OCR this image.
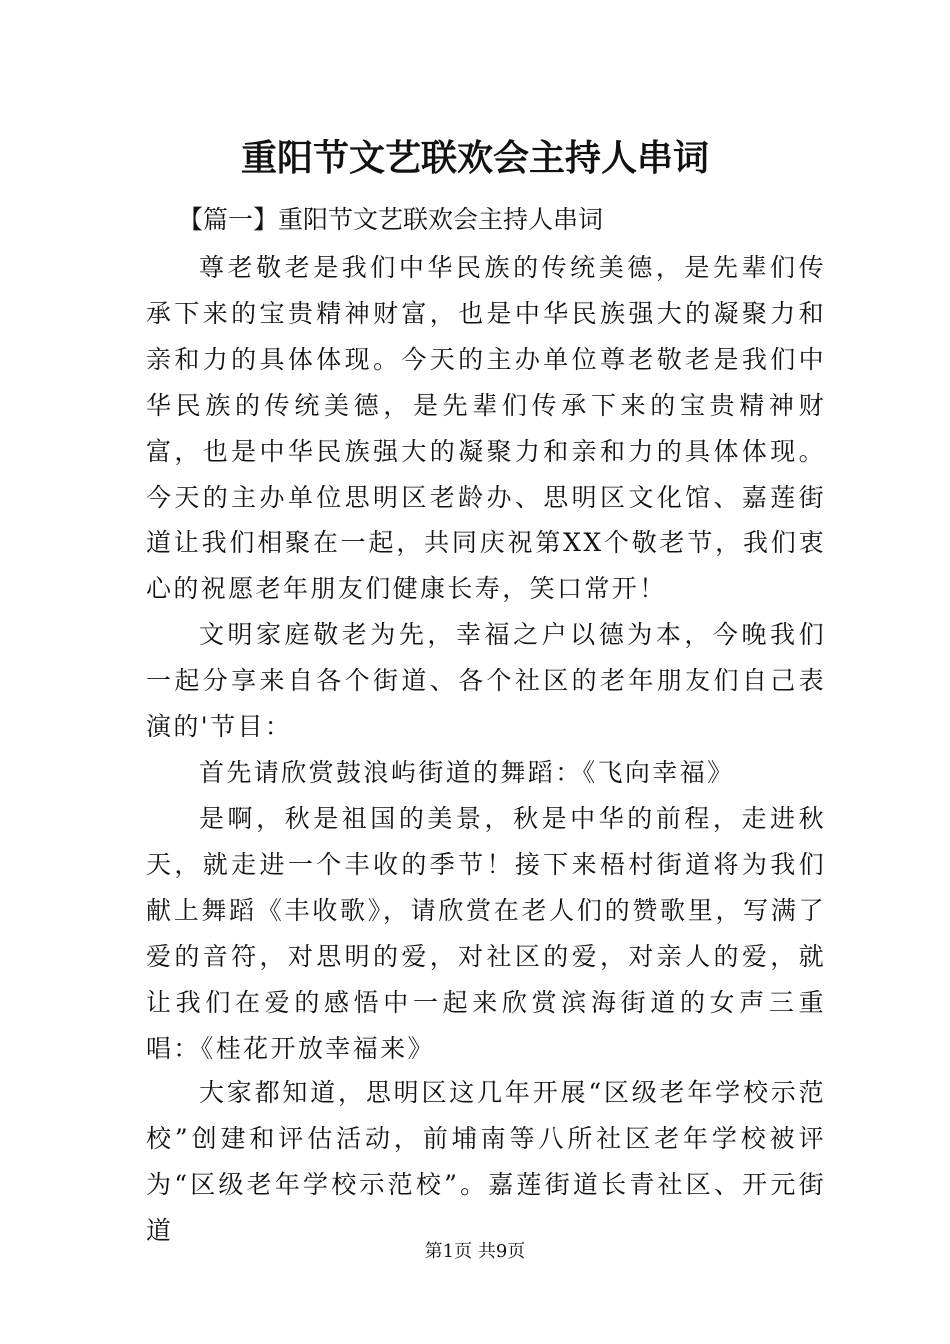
重阳节文艺联欢会主持人串词

【篇一】重阳节文艺联欢会主持人串词

尊老敬老是我们中华民族的传统美德，是先辈们传承下来的宝贵精神财富，也是中华民族强大的凝聚力和亲和力的具体体现。今天的主办单位尊老敬老是我们中华民族的传统美德，是先辈们传承下来的宝贵精神财富，也是中华民族强大的凝聚力和亲和力的具体体现。今天的主办单位思明区老龄办、思明区文化馆、嘉莲街道让我们相聚在一起，共同庆祝第XX个敬老节，我们衷心的祝愿老年朋友们健康长寿，笑口常开！

文明家庭敬老为先，幸福之户以德为本，今晚我们一起分享来自各个街道、各个社区的老年朋友们自己表演的'节目：

首先请欣赏鼓浪屿街道的舞蹈：《飞向幸福》

是啊，秋是祖国的美景，秋是中华的前程，走进秋天，就走进一个丰收的季节！接下来梧村街道将为我们献上舞蹈《丰收歌》，请欣赏在老人们的赞歌里，写满了爱的音符，对思明的爱，对社区的爱，对亲人的爱，就让我们在爱的感悟中一起来欣赏滨海街道的女声三重唱：《桂花开放幸福来》

大家都知道，思明区这几年开展“区级老年学校示范校”创建和评估活动，前埔南等八所社区老年学校被评为“区级老年学校示范校”。嘉莲街道长青社区、开元街道

第1页 共9页
